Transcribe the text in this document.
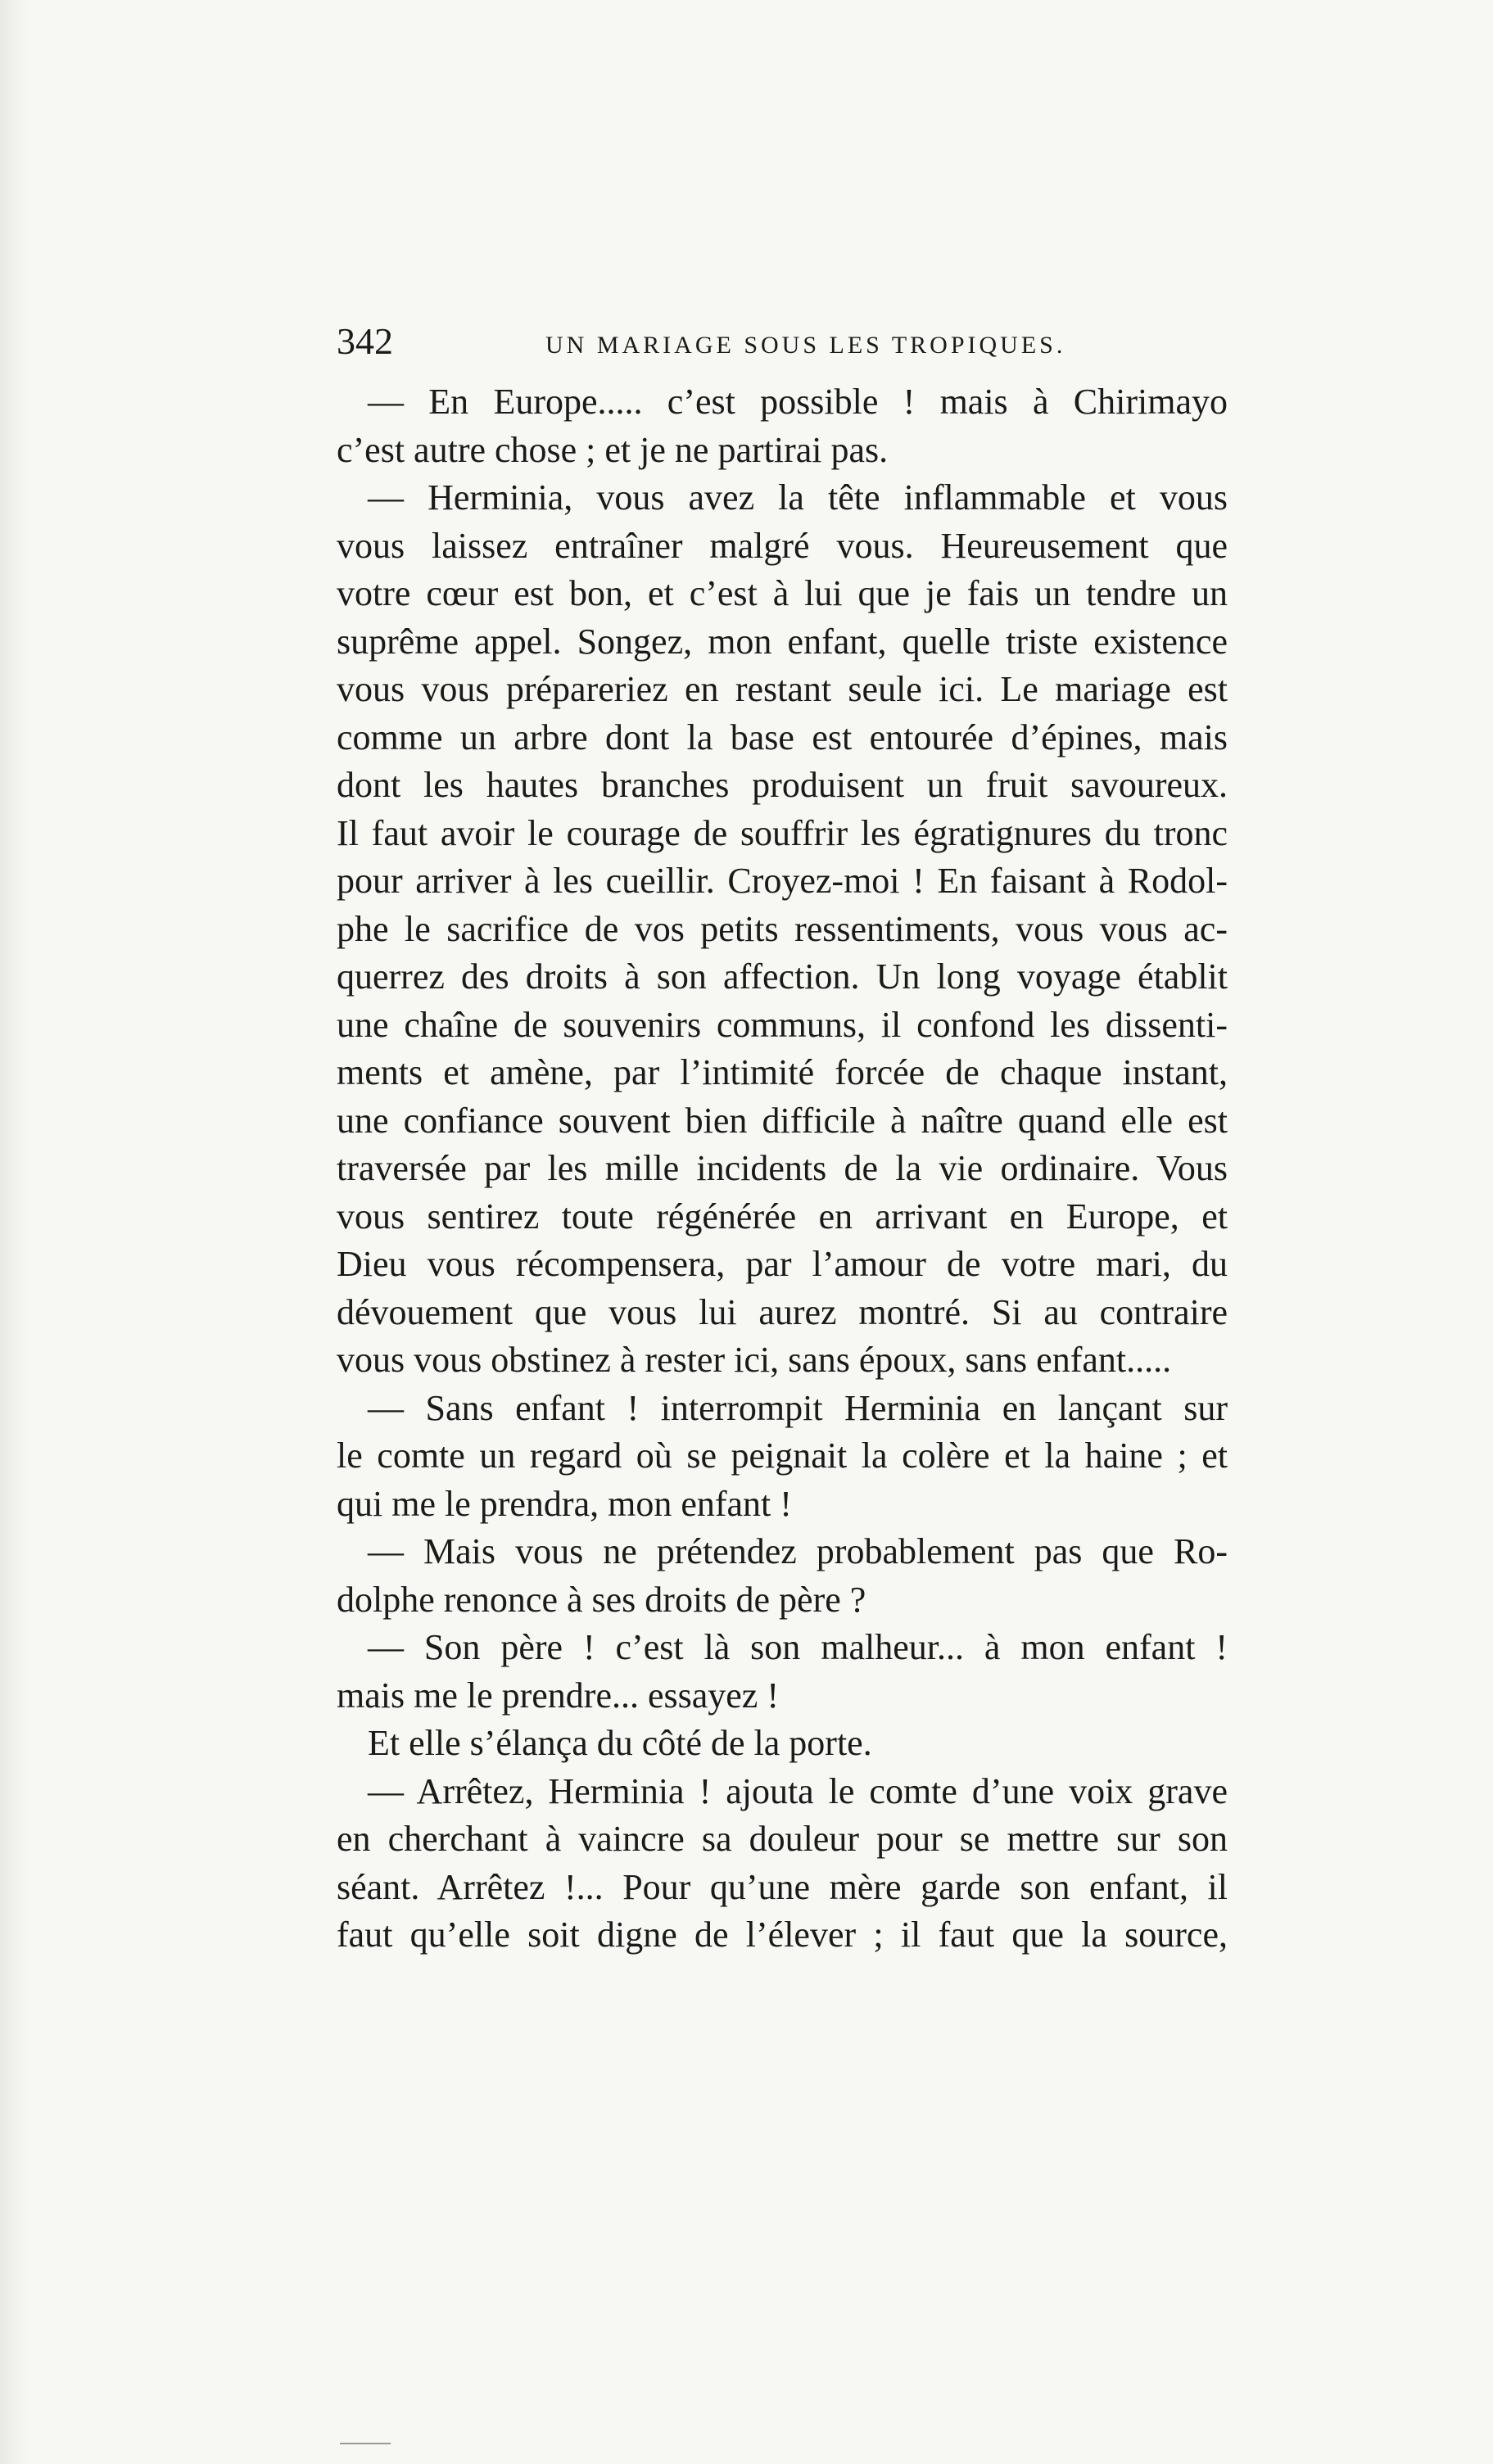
342	UN MARIAGE SOUS LES TROPIQUES.
— En Europe..... c’est possible ! mais à Chirimayo
c’est autre chose ; et je ne partirai pas.
— Herminia, vous avez la tête inflammable et vous
vous laissez entraîner malgré vous. Heureusement que
votre cœur est bon, et c’est à lui que je fais un tendre un
suprême appel. Songez, mon enfant, quelle triste existence
vous vous prépareriez en restant seule ici. Le mariage est
comme un arbre dont la base est entourée d’épines, mais
dont les hautes branches produisent un fruit savoureux.
Il faut avoir le courage de souffrir les égratignures du tronc
pour arriver à les cueillir. Croyez-moi ! En faisant à Rodol-
phe le sacrifice de vos petits ressentiments, vous vous ac-
querrez des droits à son affection. Un long voyage établit
une chaîne de souvenirs communs, il confond les dissenti-
ments et amène, par l’intimité forcée de chaque instant,
une confiance souvent bien difficile à naître quand elle est
traversée par les mille incidents de la vie ordinaire. Vous
vous sentirez toute régénérée en arrivant en Europe, et
Dieu vous récompensera, par l’amour de votre mari, du
dévouement que vous lui aurez montré. Si au contraire
vous vous obstinez à rester ici, sans époux, sans enfant.....
— Sans enfant ! interrompit Herminia en lançant sur
le comte un regard où se peignait la colère et la haine ; et
qui me le prendra, mon enfant !
— Mais vous ne prétendez probablement pas que Ro-
dolphe renonce à ses droits de père ?
— Son père ! c’est là son malheur... à mon enfant !
mais me le prendre... essayez !
Et elle s’élança du côté de la porte.
— Arrêtez, Herminia ! ajouta le comte d’une voix grave
en cherchant à vaincre sa douleur pour se mettre sur son
séant. Arrêtez !... Pour qu’une mère garde son enfant, il
faut qu’elle soit digne de l’élever ; il faut que la source,
